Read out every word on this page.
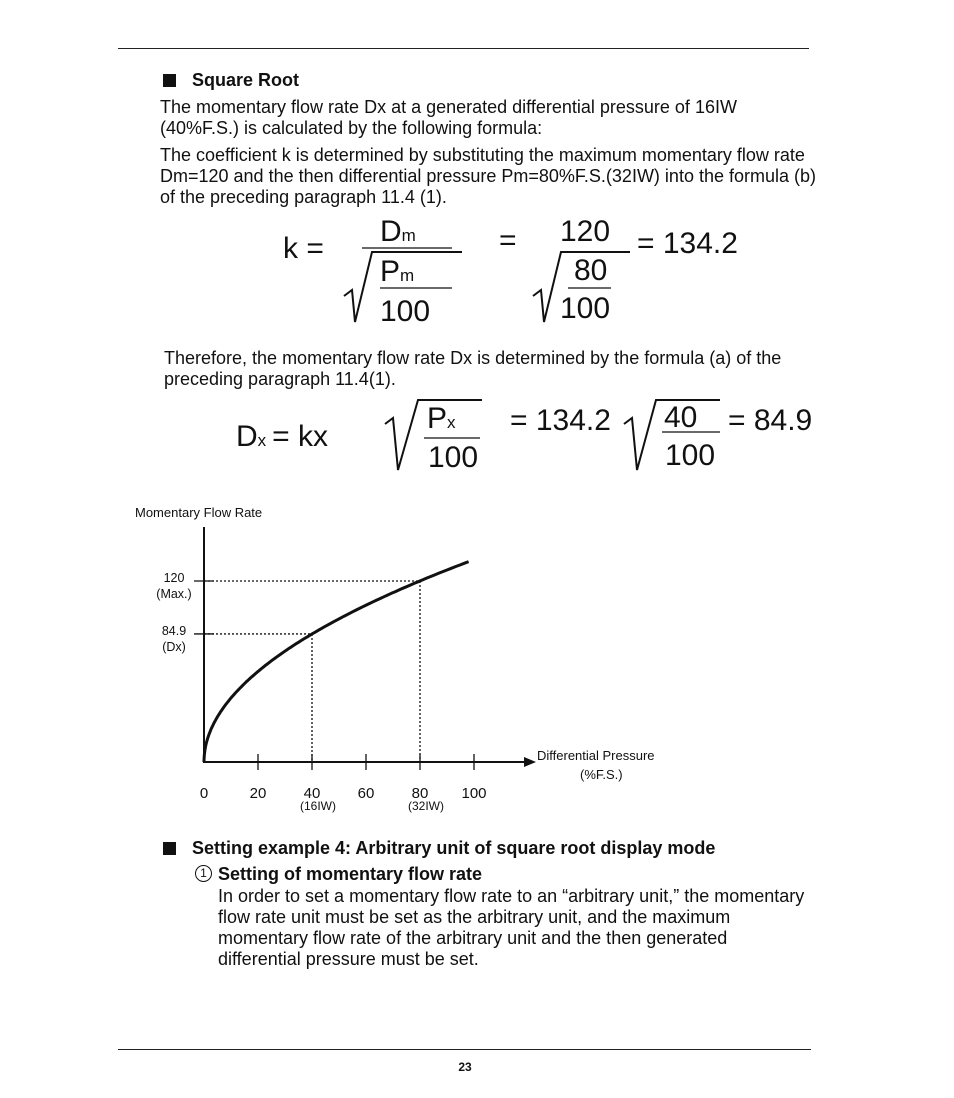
Square Root
The momentary flow rate Dx at a generated differential pressure of 16IW (40%F.S.) is calculated by the following formula:
The coefficient k is determined by substituting the maximum momentary flow rate Dm=120 and the then differential pressure Pm=80%F.S.(32IW) into the formula (b) of the preceding paragraph 11.4 (1).
k =
Dm
Pm
100
= 120
80
100
= 134.2
Therefore, the momentary flow rate Dx is determined by the formula (a) of the preceding paragraph 11.4(1).
Dx = kx
Px
100
= 134.2 40
100
= 84.9
Momentary Flow Rate
Differential Pressure
(%F.S.)
0	20 40 60 80 100
(16IW)	(32IW)
120
(Max.)
84.9
(Dx)
Setting example 4: Arbitrary unit of square root display mode
1 Setting of momentary flow rate
In order to set a momentary flow rate to an “arbitrary unit,” the momentary flow rate unit must be set as the arbitrary unit, and the maximum momentary flow rate of the arbitrary unit and the then generated differential pressure must be set.
23
